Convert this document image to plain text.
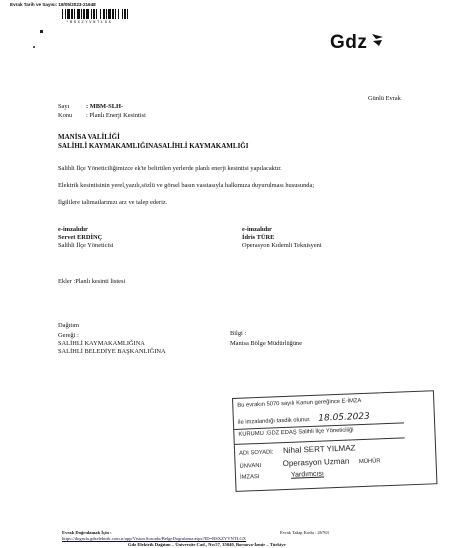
Evrak Tarih ve Sayısı: 18/05/2023-21648
*BSXZYVNTLGX
Gdz
Günlü Evrak
Sayı	: MBM-SLH-
Konu : Planlı Enerji Kesintisi
MANİSA VALİLİĞİ
SALİHLİ KAYMAKAMLIĞINASALİHLİ KAYMAKAMLIĞI
Salihli İlçe Yöneticiliğimizce ek'te belirtilen yerlerde planlı enerji kesintisi yapılacaktır.
Elektrik kesintisinin yerel,yazılı,sözlü ve görsel basın vasıtasıyla halkımıza duyurulması hususunda;
İlgililere talimatlarınızı arz ve talep ederiz.
e-imzalıdır
Servet ERDİNÇ
Salihli İlçe Yöneticisi
e-imzalıdır
İdris TÜRE
Operasyon Kıdemli Teknisyeni
Ekler :Planlı kesinti listesi
Dağıtım
Gereği :
SALİHLİ KAYMAKAMLIĞINA
SALİHLİ BELEDİYE BAŞKANLIĞINA
Bilgi :
Manisa Bölge Müdürlüğüne
Bu evrakın 5070 sayılı Kanun gereğince E-İMZA
ile imzalandığı tasdik olunur. 18.05.2023
KURUMU :GDZ EDAŞ Salihli İlçe Yöneticiliği
ADI SOYADI: Nihal SERT YILMAZ
ÜNVANI	Operasyon Uzman MÜHÜR
İMZASI	Yardımcısı
Evrak Doğrulamak İçin :	Evrak Takip Kodu : 26763
https://dogrula.gdzelektrik.com.tr/app/Vision.Soronlu/BelgeDogrulama.aspx?ID=BSXZYVNTLGX
Gdz Elektrik Dağıtım – Üniversite Cad., No:57, 35040, Bornova-İzmir – Türkiye
